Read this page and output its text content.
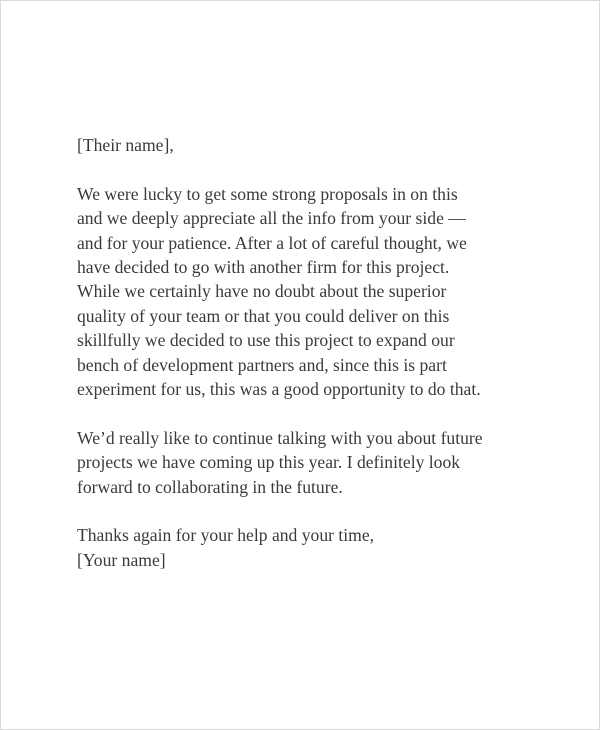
[Their name],

We were lucky to get some strong proposals in on this
and we deeply appreciate all the info from your side —
and for your patience. After a lot of careful thought, we
have decided to go with another firm for this project.
While we certainly have no doubt about the superior
quality of your team or that you could deliver on this
skillfully we decided to use this project to expand our
bench of development partners and, since this is part
experiment for us, this was a good opportunity to do that.

We’d really like to continue talking with you about future
projects we have coming up this year. I definitely look
forward to collaborating in the future.

Thanks again for your help and your time,
[Your name]
